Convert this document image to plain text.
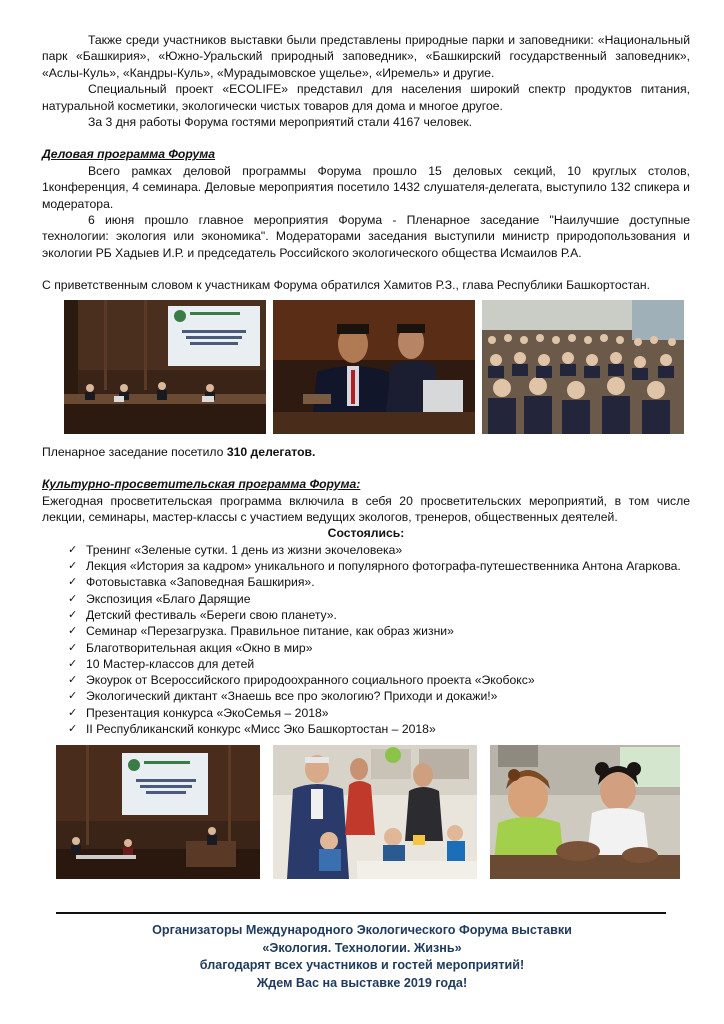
Также среди участников выставки были представлены природные парки и заповедники: «Национальный парк «Башкирия», «Южно-Уральский природный заповедник», «Башкирский государственный заповедник», «Аслы-Куль», «Кандры-Куль», «Мурадымовское ущелье», «Иремель» и другие.

Специальный проект «ECOLIFE» представил для населения широкий спектр продуктов питания, натуральной косметики, экологически чистых товаров для дома и многое другое.

За 3 дня работы Форума гостями мероприятий стали 4167 человек.

Деловая программа Форума

Всего рамках деловой программы Форума прошло 15 деловых секций, 10 круглых столов, 1конференция, 4 семинара. Деловые мероприятия посетило 1432 слушателя-делегата, выступило 132 спикера и модератора.

6 июня прошло главное мероприятия Форума - Пленарное заседание "Наилучшие доступные технологии: экология или экономика". Модераторами заседания выступили министр природопользования и экологии РБ Хадыев И.Р. и председатель Российского экологического общества Исмаилов Р.А.

С приветственным словом к участникам Форума обратился Хамитов Р.З., глава Республики Башкортостан.

Пленарное заседание посетило 310 делегатов.

Культурно-просветительская программа Форума:

Ежегодная просветительская программа включила в себя 20 просветительских мероприятий, в том числе лекции, семинары, мастер-классы с участием ведущих экологов, тренеров, общественных деятелей.

Состоялись:

✓ Тренинг «Зеленые сутки. 1 день из жизни экочеловека»
✓ Лекция «История за кадром» уникального и популярного фотографа-путешественника Антона Агаркова.
✓ Фотовыставка «Заповедная Башкирия».
✓ Экспозиция «Благо Дарящие
✓ Детский фестиваль «Береги свою планету».
✓ Семинар «Перезагрузка. Правильное питание, как образ жизни»
✓ Благотворительная акция «Окно в мир»
✓ 10 Мастер-классов для детей
✓ Экоурок от Всероссийского природоохранного социального проекта «Экобокс»
✓ Экологический диктант «Знаешь все про экологию? Приходи и докажи!»
✓ Презентация конкурса «ЭкоСемья – 2018»
✓ II Республиканский конкурс «Мисс Эко Башкортостан – 2018»
Организаторы Международного Экологического Форума выставки
«Экология. Технологии. Жизнь»
благодарят всех участников и гостей мероприятий!
Ждем Вас на выставке 2019 года!
